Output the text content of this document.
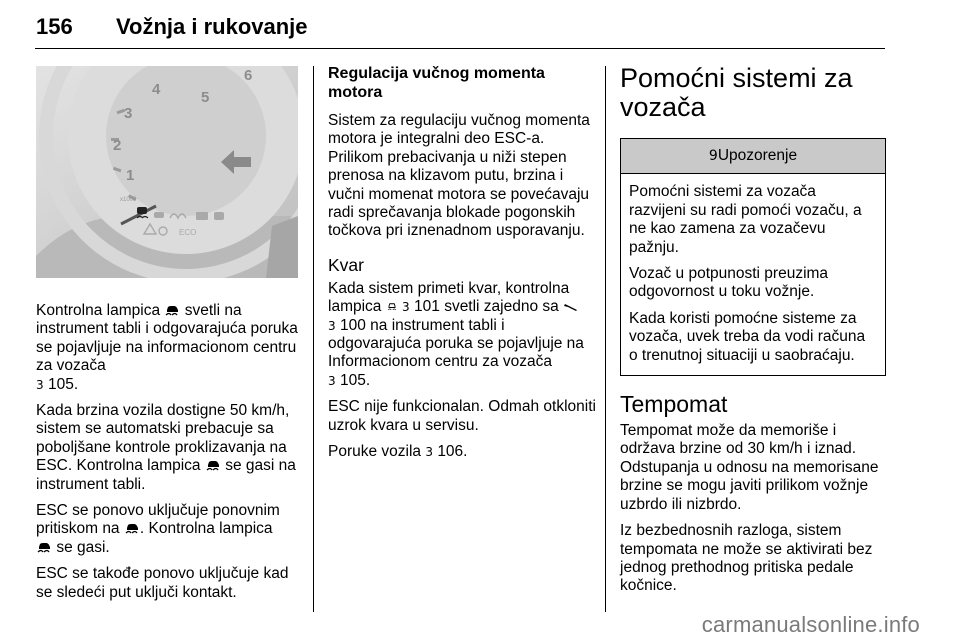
156	Vožnja i rukovanje
1
2
3
4	5
6
x1000
ECO

Kontrolna lampica svetli na instrument tabli i odgovarajuća poruka se pojavljuje na informacionom centru za vozača
3 105.

Kada brzina vozila dostigne 50 km/h, sistem se automatski prebacuje sa poboljšane kontrole proklizavanja na ESC. Kontrolna lampica se gasi na instrument tabli.

ESC se ponovo uključuje ponovnim pritiskom na . Kontrolna lampica
se gasi.

ESC se takođe ponovo uključuje kad se sledeći put uključi kontakt.

Regulacija vučnog momenta motora

Sistem za regulaciju vučnog momenta motora je integralni deo ESC-a. Prilikom prebacivanja u niži stepen prenosa na klizavom putu, brzina i vučni momenat motora se povećavaju radi sprečavanja blokade pogonskih točkova pri iznenadnom usporavanju.

Kvar

Kada sistem primeti kvar, kontrolna lampica 3 101 svetli zajedno sa
3 100 na instrument tabli i odgovarajuća poruka se pojavljuje na Informacionom centru za vozača
3 105.

ESC nije funkcionalan. Odmah otkloniti uzrok kvara u servisu.

Poruke vozila 3 106.

Pomoćni sistemi za vozača
9Upozorenje

Pomoćni sistemi za vozača razvijeni su radi pomoći vozaču, a ne kao zamena za vozačevu pažnju.

Vozač u potpunosti preuzima odgovornost u toku vožnje.

Kada koristi pomoćne sisteme za vozača, uvek treba da vodi računa o trenutnoj situaciji u saobraćaju.

Tempomat

Tempomat može da memoriše i održava brzine od 30 km/h i iznad. Odstupanja u odnosu na memorisane brzine se mogu javiti prilikom vožnje uzbrdo ili nizbrdo.

Iz bezbednosnih razloga, sistem tempomata ne može se aktivirati bez jednog prethodnog pritiska pedale kočnice.

carmanualsonline.info
